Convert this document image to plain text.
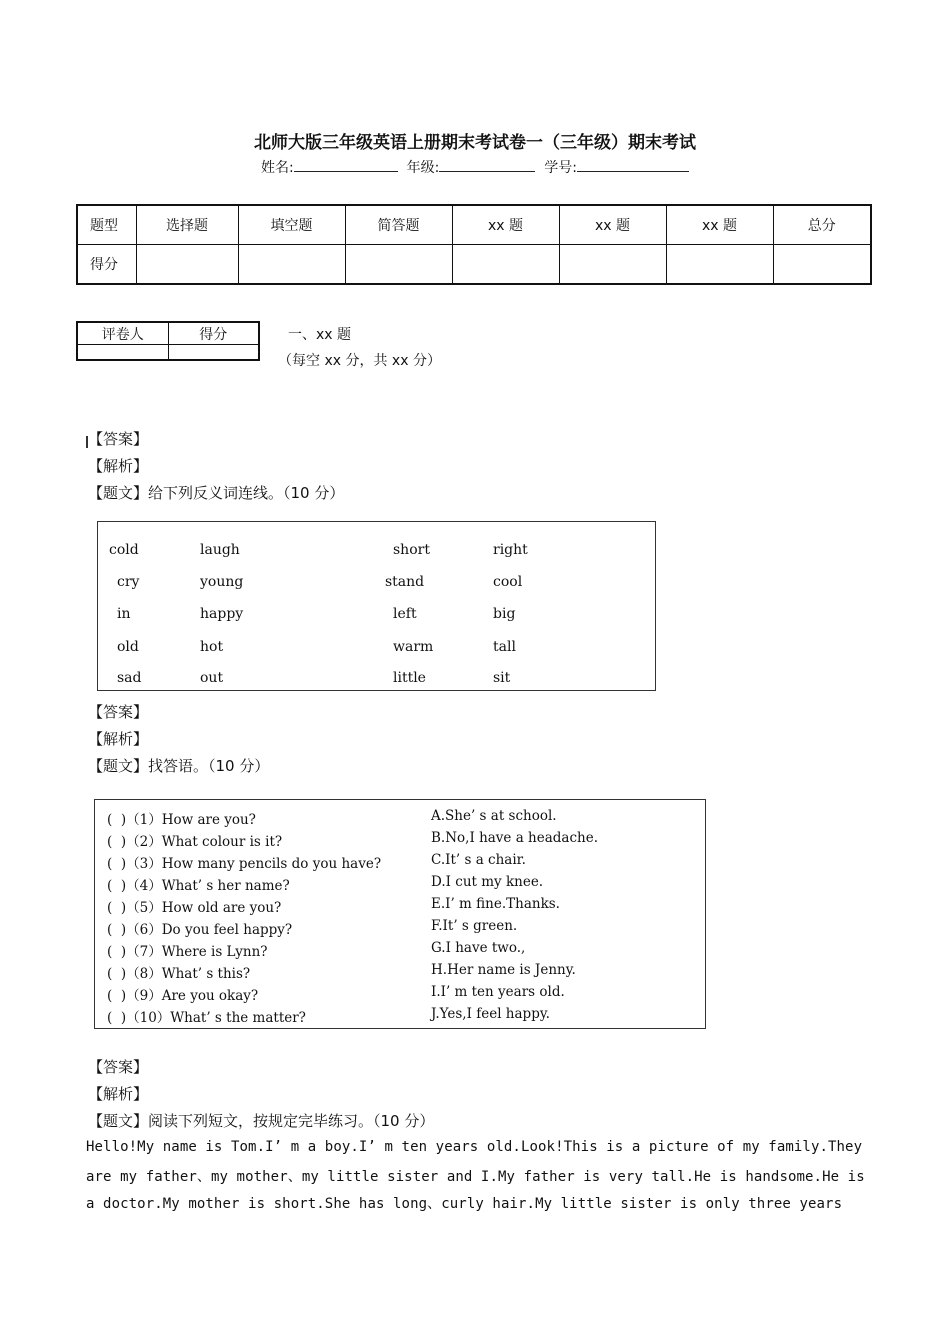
北师大版三年级英语上册期末考试卷一（三年级）期末考试
姓名:	年级:	学号:
题型	选择题	填空题	简答题	xx 题	xx 题	xx 题	总分
得分							
评卷人	得分
		一、xx 题
（每空 xx 分，共 xx 分）
【答案】
【解析】
【题文】给下列反义词连线。（10 分）
cold	laugh	short	right
cry	young	stand	cool
in	happy	left	big
old	hot	warm	tall
sad	out	little	sit
【答案】
【解析】
【题文】找答语。（10 分）
(  )（1）How are you?	A.She’ s at school.
(  )（2）What colour is it?	B.No,I have a headache.
(  )（3）How many pencils do you have?	C.It’ s a chair.
(  )（4）What’ s her name?	D.I cut my knee.
(  )（5）How old are you?	E.I’ m fine.Thanks.
(  )（6）Do you feel happy?	F.It’ s green.
(  )（7）Where is Lynn?	G.I have two.,
(  )（8）What’ s this?	H.Her name is Jenny.
(  )（9）Are you okay?	I.I’ m ten years old.
(  )（10）What’ s the matter?	J.Yes,I feel happy.
【答案】
【解析】
【题文】阅读下列短文，按规定完毕练习。（10 分）
Hello!My name is Tom.I’ m a boy.I’ m ten years old.Look!This is a picture of my family.They
are my father、my mother、my little sister and I.My father is very tall.He is handsome.He is
a doctor.My mother is short.She has long、curly hair.My little sister is only three years
